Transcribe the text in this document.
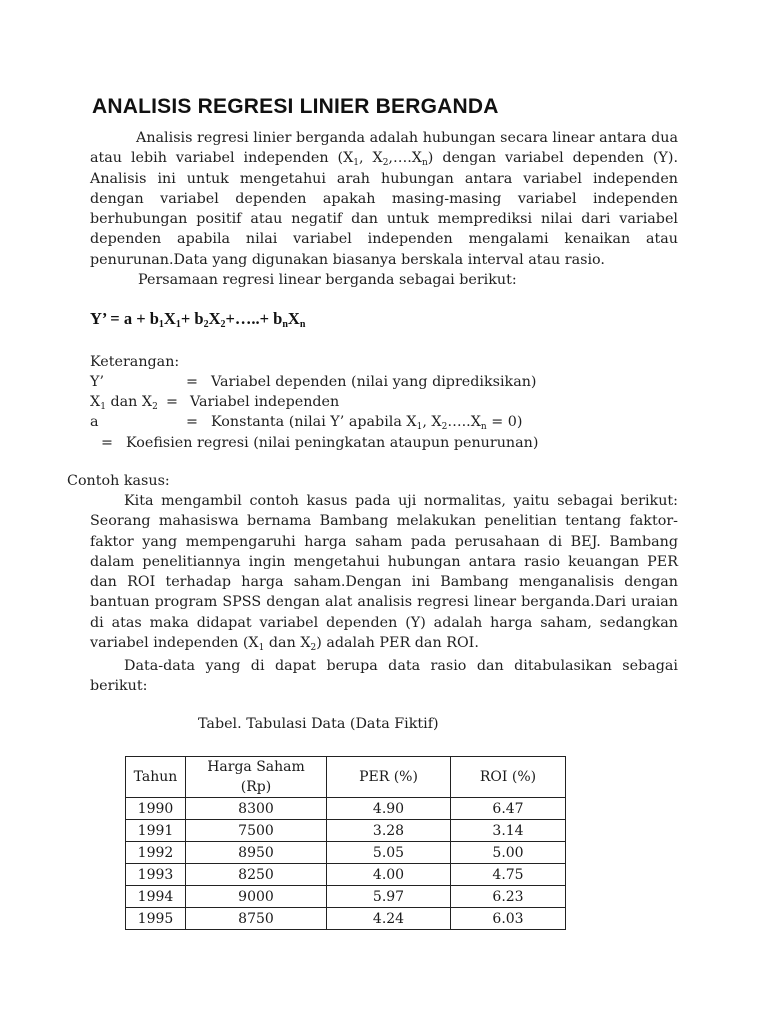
ANALISIS REGRESI LINIER BERGANDA
Analisis regresi linier berganda adalah hubungan secara linear antara dua atau lebih variabel independen ($X_1$, $X_2,\dots.X_n$) dengan variabel dependen (Y). Analisis ini untuk mengetahui arah hubungan antara variabel independen dengan variabel dependen apakah masing-masing variabel independen berhubungan positif atau negatif dan untuk memprediksi nilai dari variabel dependen apabila nilai variabel independen mengalami kenaikan atau penurunan.Data yang digunakan biasanya berskala interval atau rasio.
Persamaan regresi linear berganda sebagai berikut:
Y’ = $a + b_1X_1+$ $b_2X_2+\dots..+ b_nX_n$
Keterangan:
Y’	= Variabel dependen (nilai yang diprediksikan)
$X_1$ dan $X_2$ = Variabel independen
a	= Konstanta (nilai Y’ apabila $X_1$, $X_2\dots..X_n = 0$)
= Koefisien regresi (nilai peningkatan ataupun penurunan)
Contoh kasus:
Kita mengambil contoh kasus pada uji normalitas, yaitu sebagai berikut: Seorang mahasiswa bernama Bambang melakukan penelitian tentang faktor-faktor yang mempengaruhi harga saham pada perusahaan di BEJ. Bambang dalam penelitiannya ingin mengetahui hubungan antara rasio keuangan PER dan ROI terhadap harga saham.Dengan ini Bambang menganalisis dengan bantuan program SPSS dengan alat analisis regresi linear berganda.Dari uraian di atas maka didapat variabel dependen (Y) adalah harga saham, sedangkan variabel independen ($X_1$ dan $X_2$) adalah PER dan ROI.
Data-data yang di dapat berupa data rasio dan ditabulasikan sebagai berikut:
Tabel. Tabulasi Data (Data Fiktif)
Tahun	Harga Saham (Rp)	PER (%)	ROI (%)
1990	8300	4.90	6.47
1991	7500	3.28	3.14
1992	8950	5.05	5.00
1993	8250	4.00	4.75
1994	9000	5.97	6.23
1995	8750	4.24	6.03
